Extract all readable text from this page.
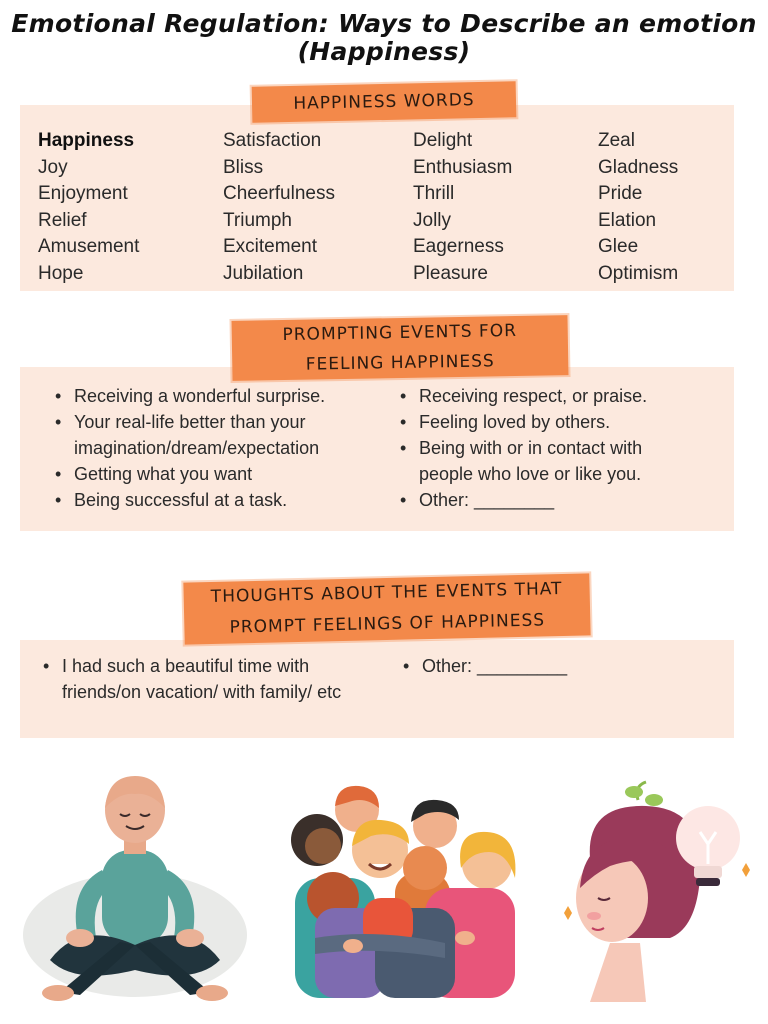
Emotional Regulation: Ways to Describe an emotion
(Happiness)
HAPPINESS WORDS
Happiness
Joy
Enjoyment
Relief
Amusement
Hope
Satisfaction
Bliss
Cheerfulness
Triumph
Excitement
Jubilation
Delight
Enthusiasm
Thrill
Jolly
Eagerness
Pleasure
Zeal
Gladness
Pride
Elation
Glee
Optimism
PROMPTING EVENTS FOR
FEELING HAPPINESS
• Receiving a wonderful surprise.
• Your real-life better than your imagination/dream/expectation
• Getting what you want
• Being successful at a task.
• Receiving respect, or praise.
• Feeling loved by others.
• Being with or in contact with people who love or like you.
• Other: ________
THOUGHTS ABOUT THE EVENTS THAT
PROMPT FEELINGS OF HAPPINESS
• I had such a beautiful time with friends/on vacation/ with family/ etc
• Other: _________
